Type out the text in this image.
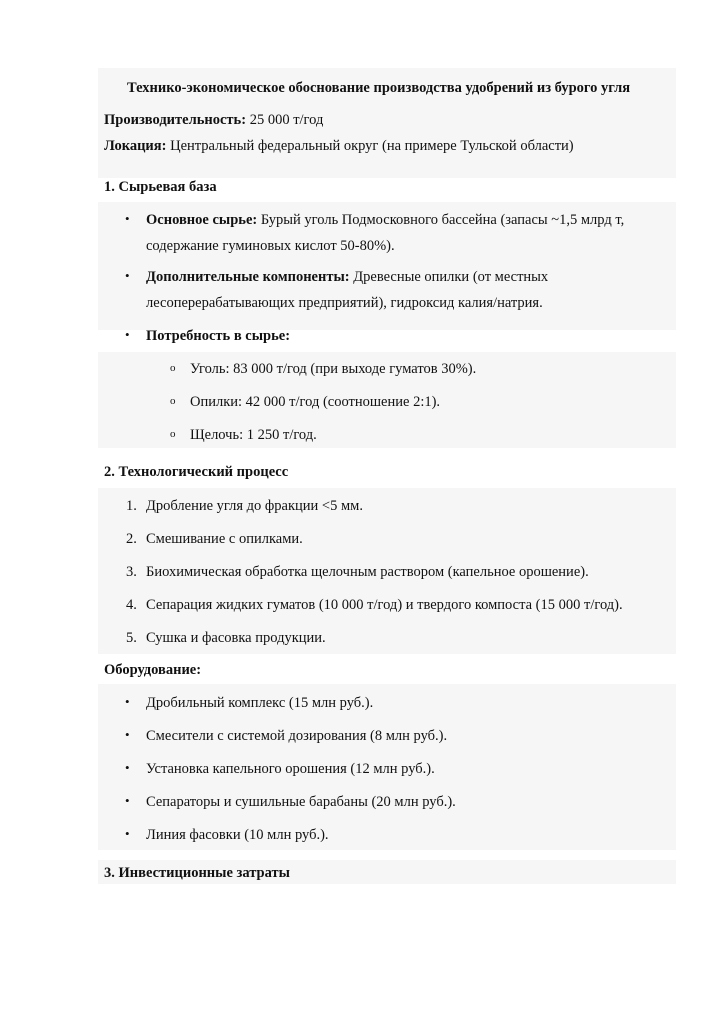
Технико-экономическое обоснование производства удобрений из бурого угля
Производительность: 25 000 т/год
Локация: Центральный федеральный округ (на примере Тульской области)
1. Сырьевая база
• Основное сырье: Бурый уголь Подмосковного бассейна (запасы ~1,5 млрд т,
содержание гуминовых кислот 50-80%).
• Дополнительные компоненты: Древесные опилки (от местных
лесоперерабатывающих предприятий), гидроксид калия/натрия.
• Потребность в сырье:
o Уголь: 83 000 т/год (при выходе гуматов 30%).
o Опилки: 42 000 т/год (соотношение 2:1).
o Щелочь: 1 250 т/год.
2. Технологический процесс
1. Дробление угля до фракции <5 мм.
2. Смешивание с опилками.
3. Биохимическая обработка щелочным раствором (капельное орошение).
4. Сепарация жидких гуматов (10 000 т/год) и твердого компоста (15 000 т/год).
5. Сушка и фасовка продукции.
Оборудование:
• Дробильный комплекс (15 млн руб.).
• Смесители с системой дозирования (8 млн руб.).
• Установка капельного орошения (12 млн руб.).
• Сепараторы и сушильные барабаны (20 млн руб.).
• Линия фасовки (10 млн руб.).
3. Инвестиционные затраты
